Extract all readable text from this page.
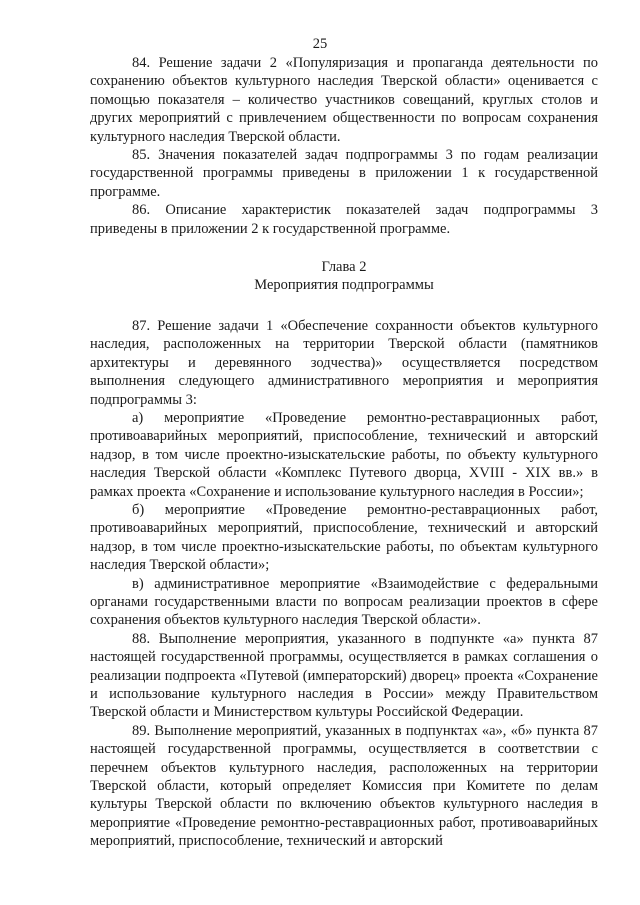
25

84. Решение задачи 2 «Популяризация и пропаганда деятельности по сохранению объектов культурного наследия Тверской области» оценивается с помощью показателя – количество участников совещаний, круглых столов и других мероприятий с привлечением общественности по вопросам сохранения культурного наследия Тверской области.

85. Значения показателей задач подпрограммы 3 по годам реализации государственной программы приведены в приложении 1 к государственной программе.

86. Описание характеристик показателей задач подпрограммы 3 приведены в приложении 2 к государственной программе.

Глава 2

Мероприятия подпрограммы

87. Решение задачи 1 «Обеспечение сохранности объектов культурного наследия, расположенных на территории Тверской области (памятников архитектуры и деревянного зодчества)» осуществляется посредством выполнения следующего административного мероприятия и мероприятия подпрограммы 3:

а) мероприятие «Проведение ремонтно-реставрационных работ, противоаварийных мероприятий, приспособление, технический и авторский надзор, в том числе проектно-изыскательские работы, по объекту культурного наследия Тверской области «Комплекс Путевого дворца, XVIII - XIX вв.» в рамках проекта «Сохранение и использование культурного наследия в России»;

б) мероприятие «Проведение ремонтно-реставрационных работ, противоаварийных мероприятий, приспособление, технический и авторский надзор, в том числе проектно-изыскательские работы, по объектам культурного наследия Тверской области»;

в) административное мероприятие «Взаимодействие с федеральными органами государственными власти по вопросам реализации проектов в сфере сохранения объектов культурного наследия Тверской области».

88. Выполнение мероприятия, указанного в подпункте «а» пункта 87 настоящей государственной программы, осуществляется в рамках соглашения о реализации подпроекта «Путевой (императорский) дворец» проекта «Сохранение и использование культурного наследия в России» между Правительством Тверской области и Министерством культуры Российской Федерации.

89. Выполнение мероприятий, указанных в подпунктах «а», «б» пункта 87 настоящей государственной программы, осуществляется в соответствии с перечнем объектов культурного наследия, расположенных на территории Тверской области, который определяет Комиссия при Комитете по делам культуры Тверской области по включению объектов культурного наследия в мероприятие «Проведение ремонтно-реставрационных работ, противоаварийных мероприятий, приспособление, технический и авторский
